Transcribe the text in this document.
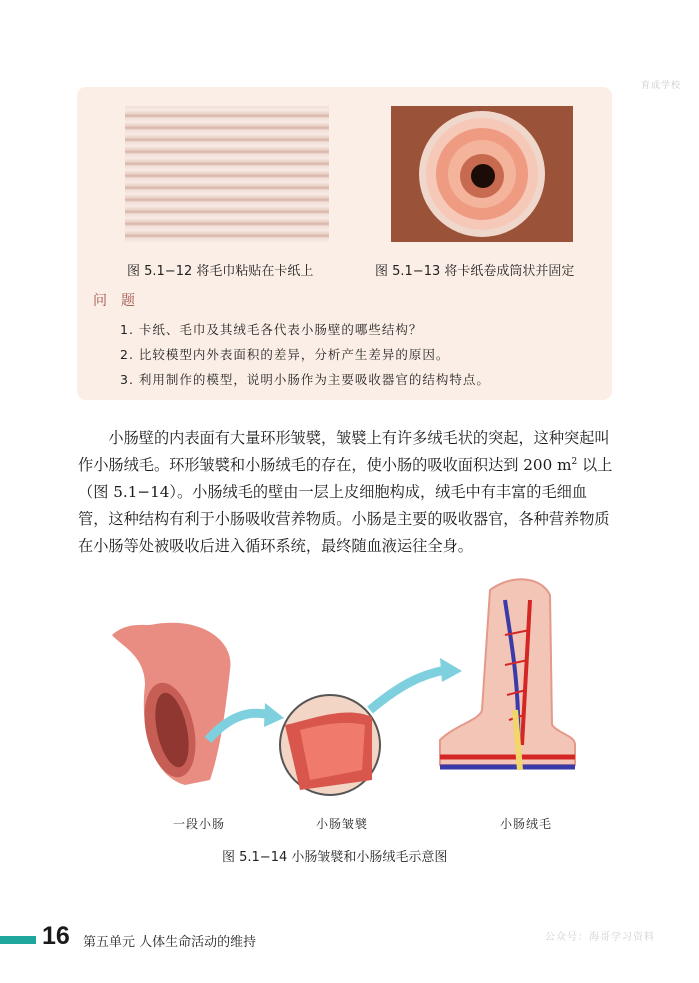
育成学校
图 5.1−12 将毛巾粘贴在卡纸上	图 5.1−13 将卡纸卷成筒状并固定
问题
1. 卡纸、毛巾及其绒毛各代表小肠壁的哪些结构？
2. 比较模型内外表面积的差异，分析产生差异的原因。
3. 利用制作的模型，说明小肠作为主要吸收器官的结构特点。

小肠壁的内表面有大量环形皱襞，皱襞上有许多绒毛状的突起，这种突起叫作小肠绒毛。环形皱襞和小肠绒毛的存在，使小肠的吸收面积达到 200 $m^2$ 以上（图 5.1−14）。小肠绒毛的壁由一层上皮细胞构成，绒毛中有丰富的毛细血管，这种结构有利于小肠吸收营养物质。小肠是主要的吸收器官，各种营养物质在小肠等处被吸收后进入循环系统，最终随血液运往全身。

一段小肠	小肠皱襞	小肠绒毛
图 5.1−14 小肠皱襞和小肠绒毛示意图
16 第五单元 人体生命活动的维持	公众号：海哥学习资料
